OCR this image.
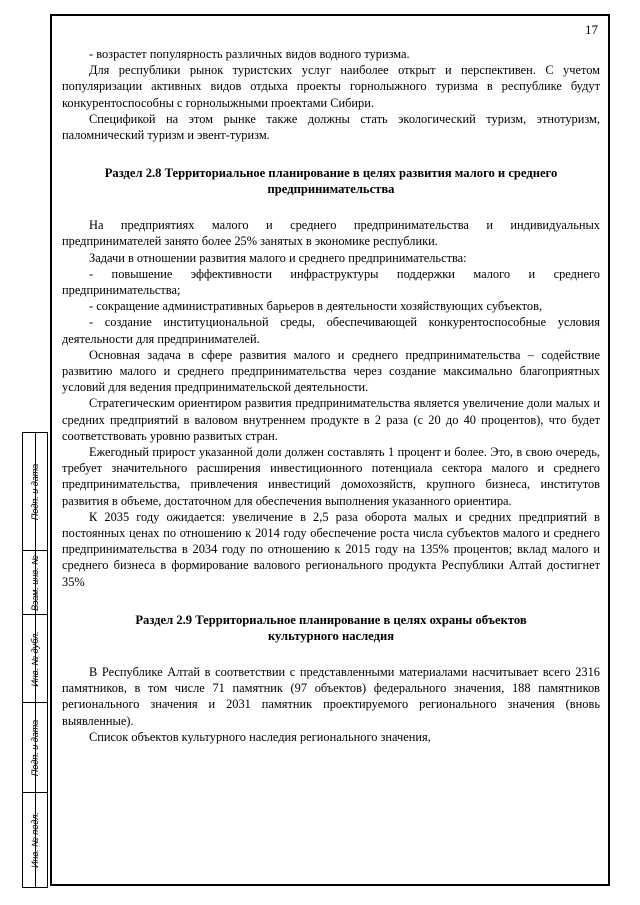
17

- возрастет популярность различных видов водного туризма.

Для республики рынок туристских услуг наиболее открыт и перспективен. С учетом популяризации активных видов отдыха проекты горнолыжного туризма в республике будут конкурентоспособны с горнолыжными проектами Сибири.

Спецификой на этом рынке также должны стать экологический туризм, этнотуризм, паломнический туризм и эвент-туризм.

Раздел 2.8 Территориальное планирование в целях развития малого и среднего предпринимательства

На предприятиях малого и среднего предпринимательства и индивидуальных предпринимателей занято более 25% занятых в экономике республики.

Задачи в отношении развития малого и среднего предпринимательства:

- повышение эффективности инфраструктуры поддержки малого и среднего предпринимательства;

- сокращение административных барьеров в деятельности хозяйствующих субъектов,

- создание институциональной среды, обеспечивающей конкурентоспособные условия деятельности для предпринимателей.

Основная задача в сфере развития малого и среднего предпринимательства – содействие развитию малого и среднего предпринимательства через создание максимально благоприятных условий для ведения предпринимательской деятельности.

Стратегическим ориентиром развития предпринимательства является увеличение доли малых и средних предприятий в валовом внутреннем продукте в 2 раза (с 20 до 40 процентов), что будет соответствовать уровню развитых стран.

Ежегодный прирост указанной доли должен составлять 1 процент и более. Это, в свою очередь, требует значительного расширения инвестиционного потенциала сектора малого и среднего предпринимательства, привлечения инвестиций домохозяйств, крупного бизнеса, институтов развития в объеме, достаточном для обеспечения выполнения указанного ориентира.

К 2035 году ожидается: увеличение в 2,5 раза оборота малых и средних предприятий в постоянных ценах по отношению к 2014 году обеспечение роста числа субъектов малого и среднего предпринимательства в 2034 году по отношению к 2015 году на 135% процентов; вклад малого и среднего бизнеса в формирование валового регионального продукта Республики Алтай достигнет 35%

Раздел 2.9 Территориальное планирование в целях охраны объектов культурного наследия

В Республике Алтай в соответствии с представленными материалами насчитывает всего 2316 памятников, в том числе 71 памятник (97 объектов) федерального значения, 188 памятников регионального значения и 2031 памятник проектируемого регионального значения (вновь выявленные).

Список объектов культурного наследия регионального значения,

Подп. и дата
Взам. инв. №
Инв. № дубл.
Подп. и дата
Инв. № подл.
